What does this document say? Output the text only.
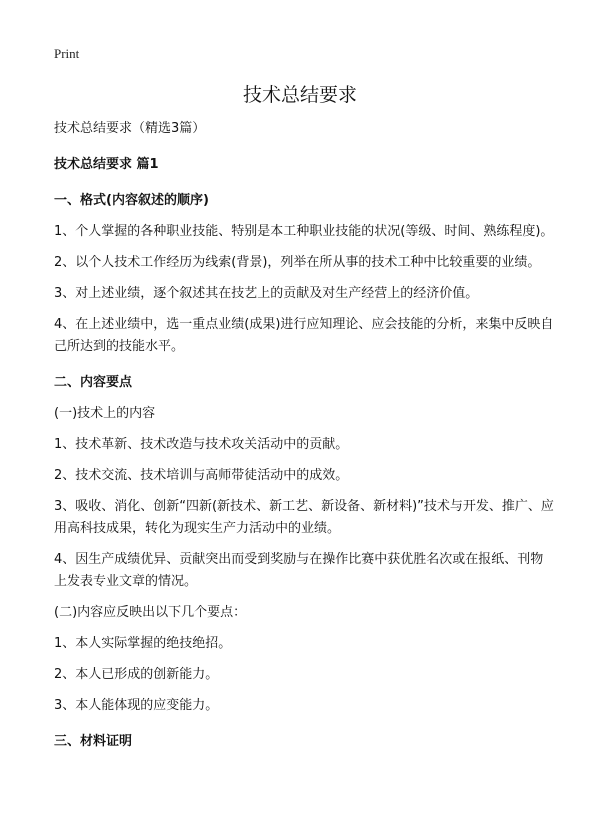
Print
技术总结要求

技术总结要求（精选3篇）

技术总结要求 篇1

一、格式(内容叙述的顺序)

1、个人掌握的各种职业技能、特别是本工种职业技能的状况(等级、时间、熟练程度)。

2、以个人技术工作经历为线索(背景)，列举在所从事的技术工种中比较重要的业绩。

3、对上述业绩，逐个叙述其在技艺上的贡献及对生产经营上的经济价值。

4、在上述业绩中，选一重点业绩(成果)进行应知理论、应会技能的分析，来集中反映自己所达到的技能水平。

二、内容要点

(一)技术上的内容

1、技术革新、技术改造与技术攻关活动中的贡献。

2、技术交流、技术培训与高师带徒活动中的成效。

3、吸收、消化、创新“四新(新技术、新工艺、新设备、新材料)”技术与开发、推广、应用高科技成果，转化为现实生产力活动中的业绩。

4、因生产成绩优异、贡献突出而受到奖励与在操作比赛中获优胜名次或在报纸、刊物上发表专业文章的情况。

(二)内容应反映出以下几个要点：

1、本人实际掌握的绝技绝招。

2、本人已形成的创新能力。

3、本人能体现的应变能力。

三、材料证明
